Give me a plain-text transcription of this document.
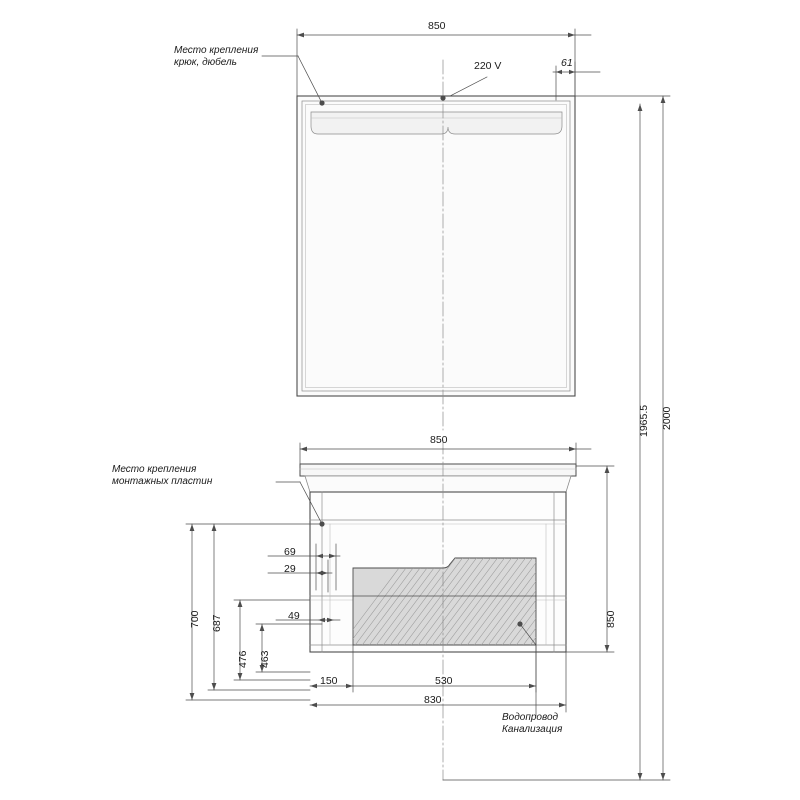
Место крепления
крюк, дюбель
Место крепления
монтажных пластин
Водопровод
Канализация
850
220 V	61
850
830
150	530
69
29
49
700 687
476 463
850
1965.5 2000
